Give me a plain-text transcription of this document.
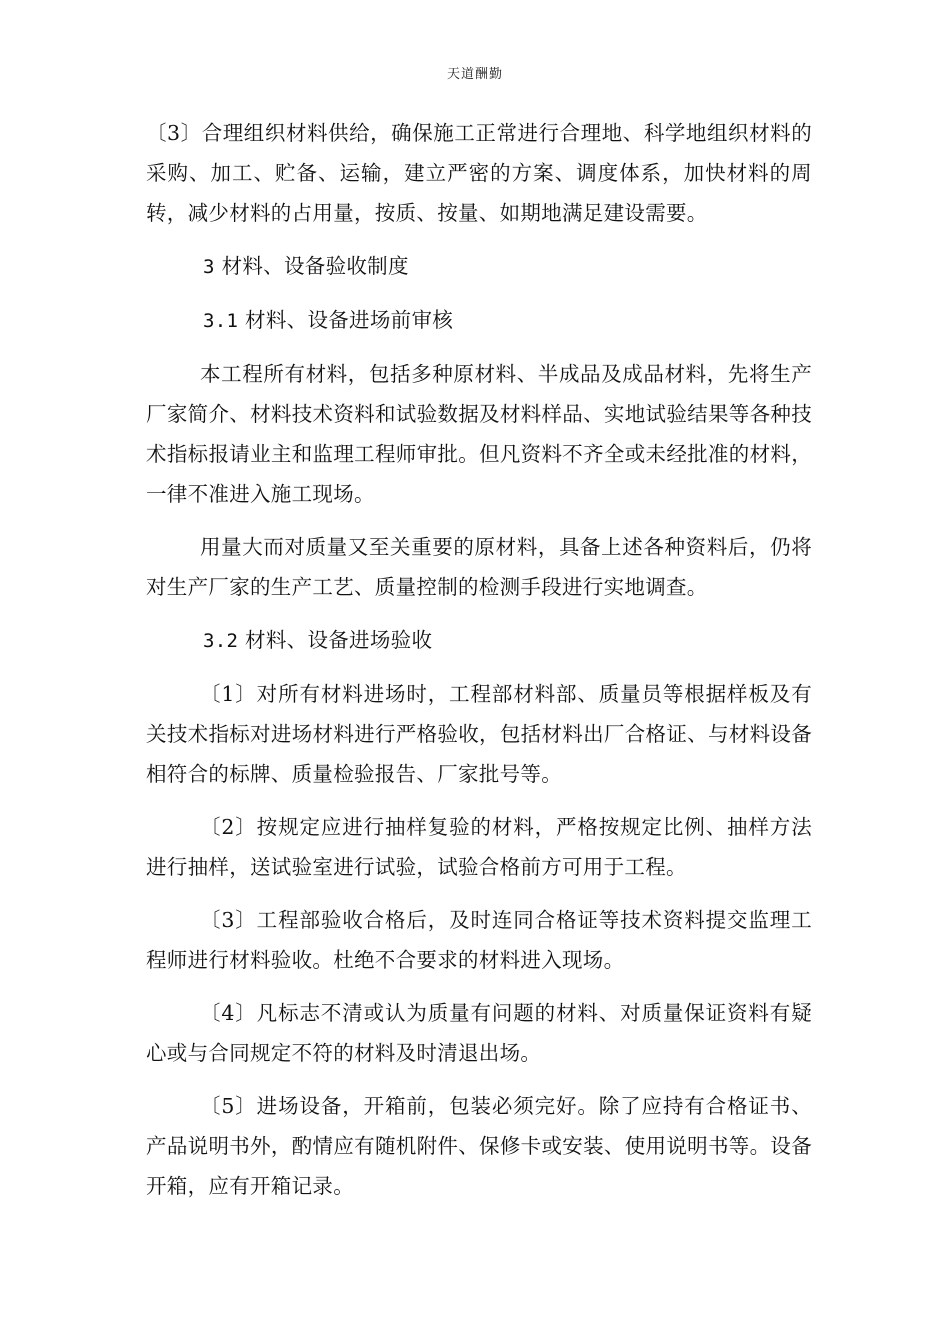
天道酬勤

〔3〕合理组织材料供给，确保施工正常进行合理地、科学地组织材料的采购、加工、贮备、运输，建立严密的方案、调度体系，加快材料的周转，减少材料的占用量，按质、按量、如期地满足建设需要。

3 材料、设备验收制度
3.1 材料、设备进场前审核

本工程所有材料，包括多种原材料、半成品及成品材料，先将生产厂家简介、材料技术资料和试验数据及材料样品、实地试验结果等各种技术指标报请业主和监理工程师审批。但凡资料不齐全或未经批准的材料，一律不准进入施工现场。

用量大而对质量又至关重要的原材料，具备上述各种资料后，仍将对生产厂家的生产工艺、质量控制的检测手段进行实地调查。

3.2 材料、设备进场验收

〔1〕对所有材料进场时，工程部材料部、质量员等根据样板及有关技术指标对进场材料进行严格验收，包括材料出厂合格证、与材料设备相符合的标牌、质量检验报告、厂家批号等。

〔2〕按规定应进行抽样复验的材料，严格按规定比例、抽样方法进行抽样，送试验室进行试验，试验合格前方可用于工程。

〔3〕工程部验收合格后，及时连同合格证等技术资料提交监理工程师进行材料验收。杜绝不合要求的材料进入现场。

〔4〕凡标志不清或认为质量有问题的材料、对质量保证资料有疑心或与合同规定不符的材料及时清退出场。

〔5〕进场设备，开箱前，包装必须完好。除了应持有合格证书、产品说明书外，酌情应有随机附件、保修卡或安装、使用说明书等。设备开箱，应有开箱记录。
